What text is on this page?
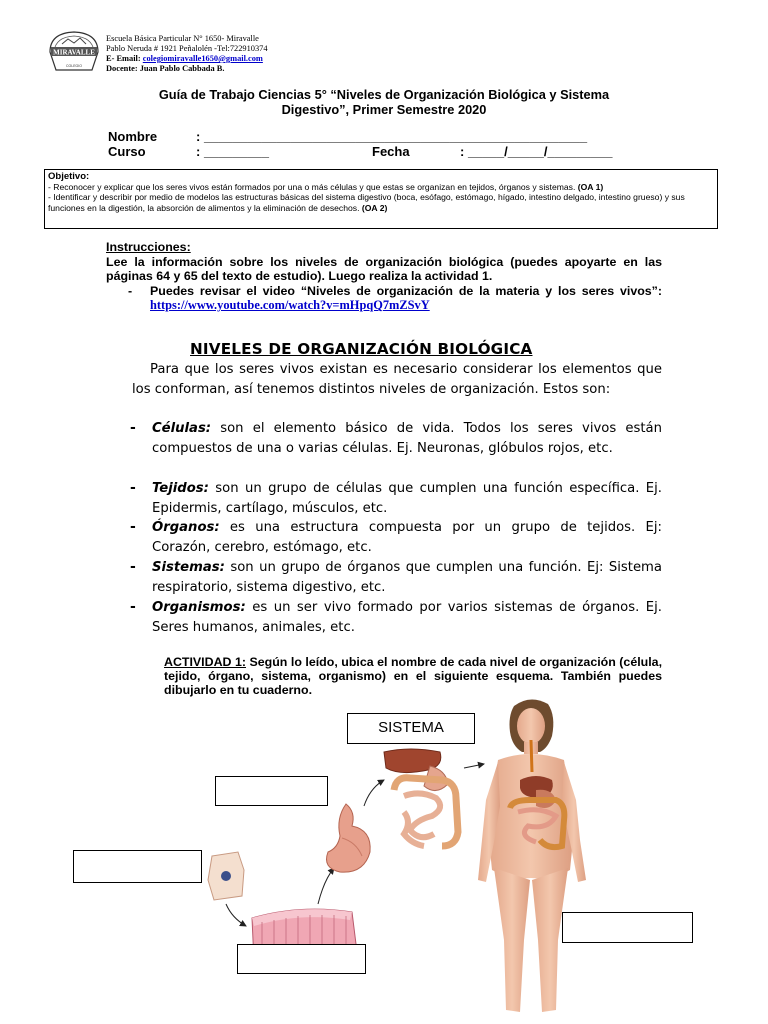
MIRAVALLE
COLEGIO
Escuela Básica Particular N° 1650- Miravalle
Pablo Neruda # 1921 Peñalolén -Tel:722910374
E- Email: colegiomiravalle1650@gmail.com
Docente: Juan Pablo Cabbada B.
Guía de Trabajo Ciencias 5° “Niveles de Organización Biológica y Sistema
Digestivo”, Primer Semestre 2020
Nombre	: _____________________________________________________
Curso	: _________	Fecha	: _____/_____/_________
Objetivo:
- Reconocer y explicar que los seres vivos están formados por una o más células y que estas se organizan en tejidos, órganos y sistemas. (OA 1)
- Identificar y describir por medio de modelos las estructuras básicas del sistema digestivo (boca, esófago, estómago, hígado, intestino delgado, intestino grueso) y sus funciones en la digestión, la absorción de alimentos y la eliminación de desechos. (OA 2)
Instrucciones:
Lee la información sobre los niveles de organización biológica (puedes apoyarte en las páginas 64 y 65 del texto de estudio). Luego realiza la actividad 1.
- Puedes revisar el video “Niveles de organización de la materia y los seres vivos”: https://www.youtube.com/watch?v=mHpqQ7mZSvY
NIVELES DE ORGANIZACIÓN BIOLÓGICA
Para que los seres vivos existan es necesario considerar los elementos que los conforman, así tenemos distintos niveles de organización. Estos son:
- Células: son el elemento básico de vida. Todos los seres vivos están compuestos de una o varias células. Ej. Neuronas, glóbulos rojos, etc.
- Tejidos: son un grupo de células que cumplen una función específica. Ej. Epidermis, cartílago, músculos, etc.
- Órganos: es una estructura compuesta por un grupo de tejidos. Ej: Corazón, cerebro, estómago, etc.
- Sistemas: son un grupo de órganos que cumplen una función. Ej: Sistema respiratorio, sistema digestivo, etc.
- Organismos: es un ser vivo formado por varios sistemas de órganos. Ej. Seres humanos, animales, etc.
ACTIVIDAD 1: Según lo leído, ubica el nombre de cada nivel de organización (célula, tejido, órgano, sistema, organismo) en el siguiente esquema. También puedes dibujarlo en tu cuaderno.
SISTEMA
